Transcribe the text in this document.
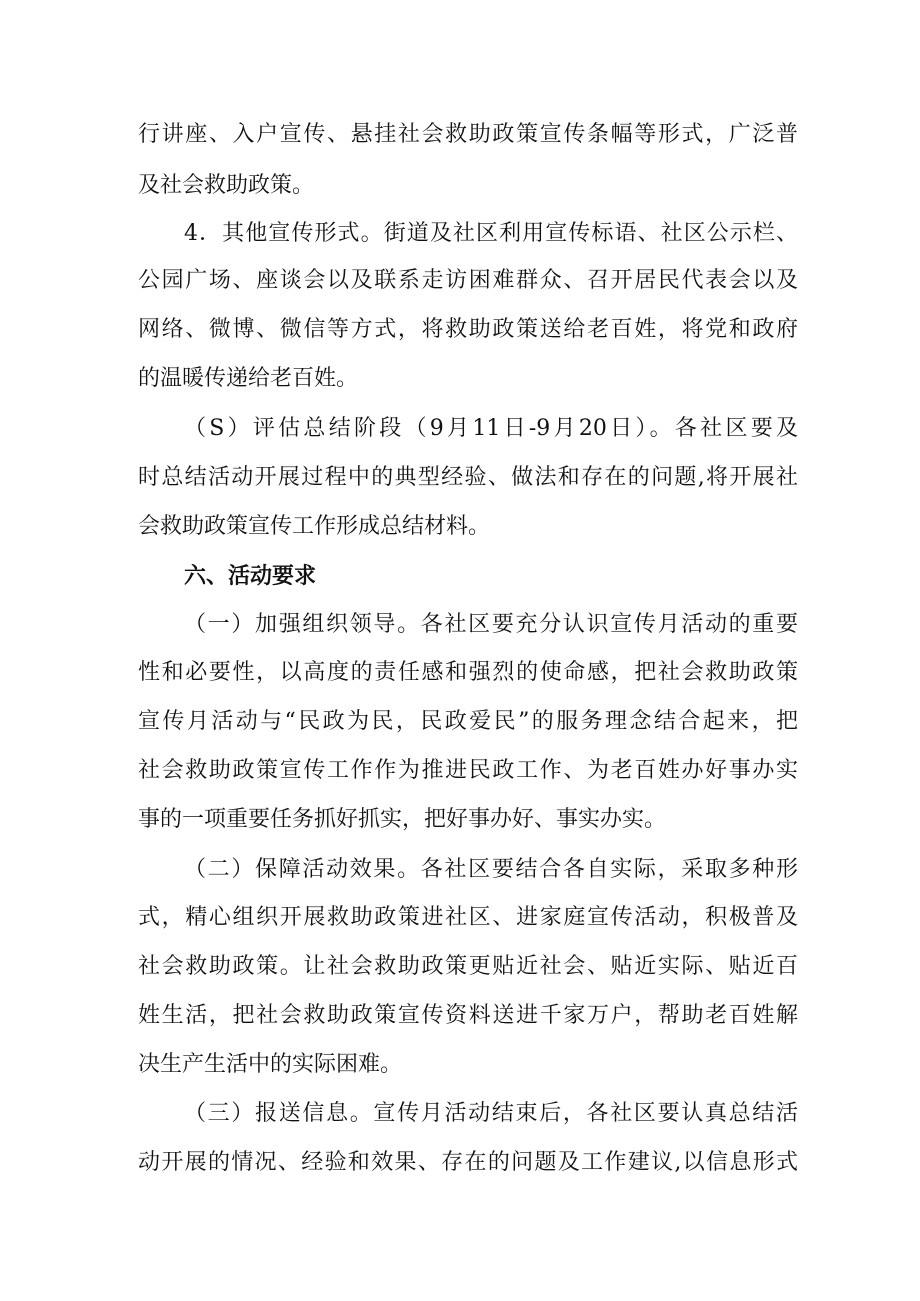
行讲座、入户宣传、悬挂社会救助政策宣传条幅等形式，广泛普
及社会救助政策。
4．其他宣传形式。街道及社区利用宣传标语、社区公示栏、
公园广场、座谈会以及联系走访困难群众、召开居民代表会以及
网络、微博、微信等方式，将救助政策送给老百姓，将党和政府
的温暖传递给老百姓。
（S）评估总结阶段（9月11日-9月20日）。各社区要及
时总结活动开展过程中的典型经验、做法和存在的问题,将开展社
会救助政策宣传工作形成总结材料。
六、活动要求
（一）加强组织领导。各社区要充分认识宣传月活动的重要
性和必要性，以高度的责任感和强烈的使命感，把社会救助政策
宣传月活动与“民政为民，民政爱民”的服务理念结合起来，把
社会救助政策宣传工作作为推进民政工作、为老百姓办好事办实
事的一项重要任务抓好抓实，把好事办好、事实办实。
（二）保障活动效果。各社区要结合各自实际，采取多种形
式，精心组织开展救助政策进社区、进家庭宣传活动，积极普及
社会救助政策。让社会救助政策更贴近社会、贴近实际、贴近百
姓生活，把社会救助政策宣传资料送进千家万户，帮助老百姓解
决生产生活中的实际困难。
（三）报送信息。宣传月活动结束后，各社区要认真总结活
动开展的情况、经验和效果、存在的问题及工作建议,以信息形式
